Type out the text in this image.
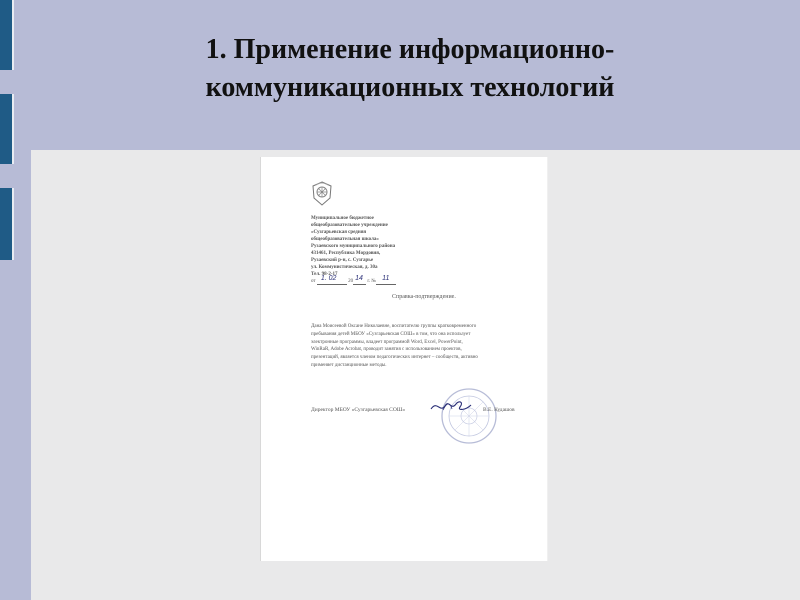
1. Применение информационно-
коммуникационных технологий
Муниципальное бюджетное
общеобразовательное учреждение
«Сузгарьевская средняя
общеобразовательная школа»
Рузаевского муниципального района
431461, Республика Мордовия,
Рузаевский р-н, с. Сузгарье
ул. Коммунистическая, д. 30а
Тел. 98-2-17
от 1. 02 20 14 г. № 11
Справка-подтверждение.
Дана Моисеевой Оксане Николаевне, воспитателю группы кратковременного
пребывания детей МБОУ «Сузгарьевская СОШ» в том, что она использует
электронные программы, владеет программой Word, Excel, PowerPoint,
WinRaR, Adobe Acrobat, проводит занятия с использованием проектов,
презентаций, является членом педагогических интернет – сообществ, активно
применяет дистанционные методы.
Директор МБОУ «Сузгарьевская СОШ»	В.Е. Кудашов
